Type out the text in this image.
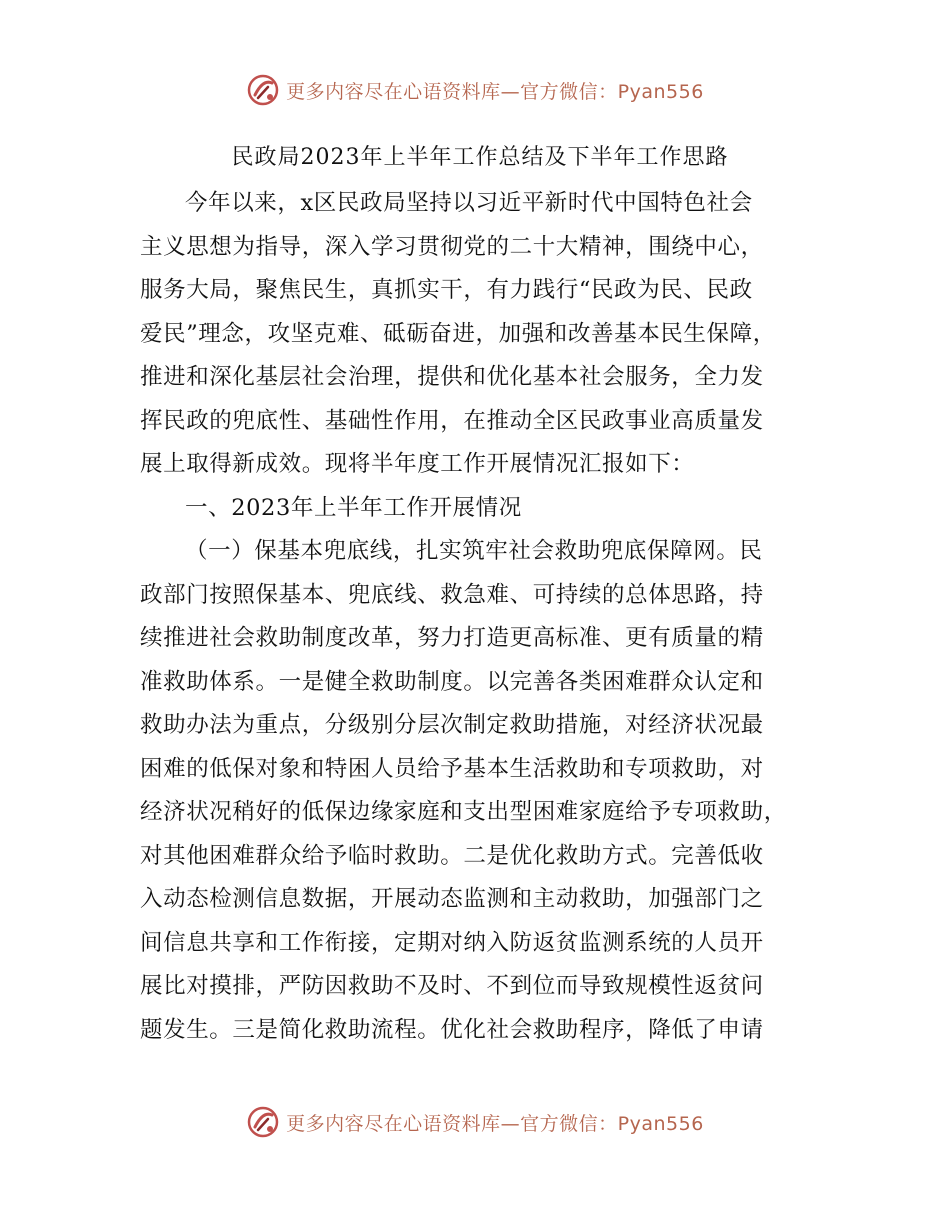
更多内容尽在心语资料库—官方微信：Pyan556
民政局2023年上半年工作总结及下半年工作思路
今年以来，x区民政局坚持以习近平新时代中国特色社会
主义思想为指导，深入学习贯彻党的二十大精神，围绕中心，
服务大局，聚焦民生，真抓实干，有力践行“民政为民、民政
爱民”理念，攻坚克难、砥砺奋进，加强和改善基本民生保障，
推进和深化基层社会治理，提供和优化基本社会服务，全力发
挥民政的兜底性、基础性作用，在推动全区民政事业高质量发
展上取得新成效。现将半年度工作开展情况汇报如下：
一、2023年上半年工作开展情况
（一）保基本兜底线，扎实筑牢社会救助兜底保障网。民
政部门按照保基本、兜底线、救急难、可持续的总体思路，持
续推进社会救助制度改革，努力打造更高标准、更有质量的精
准救助体系。一是健全救助制度。以完善各类困难群众认定和
救助办法为重点，分级别分层次制定救助措施，对经济状况最
困难的低保对象和特困人员给予基本生活救助和专项救助，对
经济状况稍好的低保边缘家庭和支出型困难家庭给予专项救助，
对其他困难群众给予临时救助。二是优化救助方式。完善低收
入动态检测信息数据，开展动态监测和主动救助，加强部门之
间信息共享和工作衔接，定期对纳入防返贫监测系统的人员开
展比对摸排，严防因救助不及时、不到位而导致规模性返贫问
题发生。三是简化救助流程。优化社会救助程序，降低了申请
更多内容尽在心语资料库—官方微信：Pyan556
